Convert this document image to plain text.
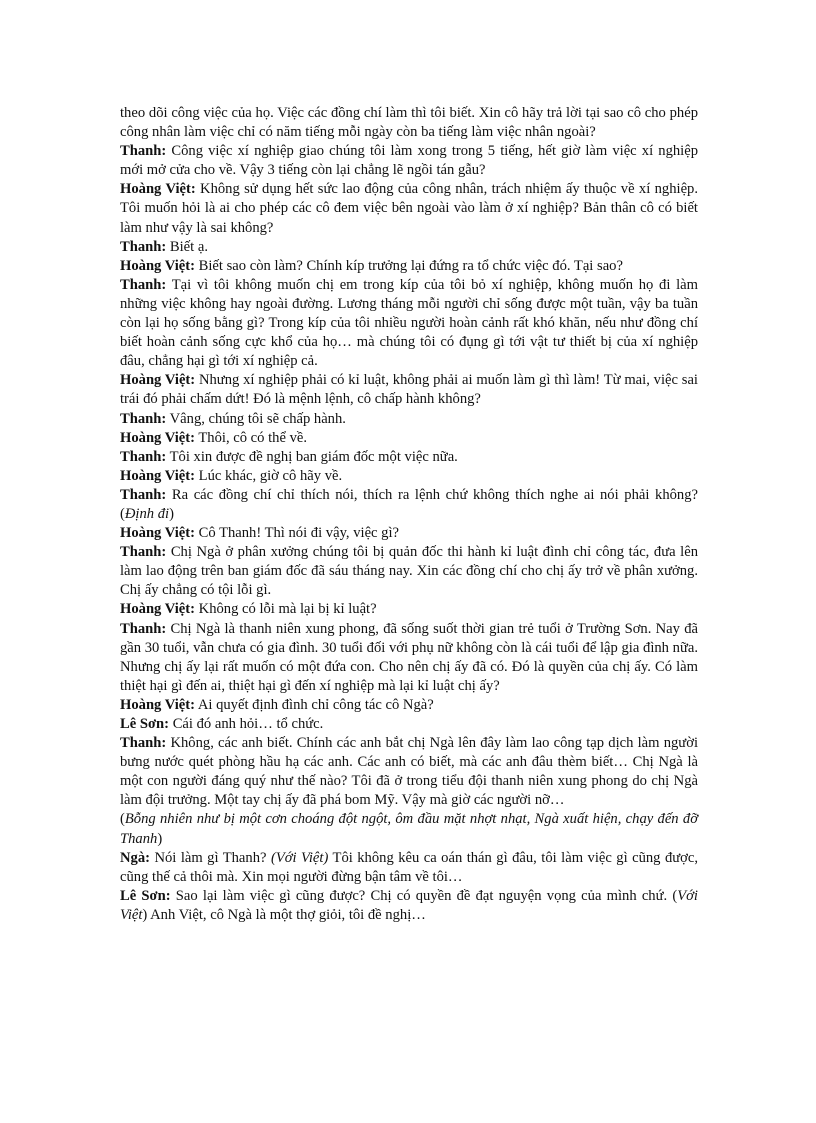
theo dõi công việc của họ. Việc các đồng chí làm thì tôi biết. Xin cô hãy trả lời tại sao cô cho phép công nhân làm việc chỉ có năm tiếng mỗi ngày còn ba tiếng làm việc nhân ngoài?

Thanh: Công việc xí nghiệp giao chúng tôi làm xong trong 5 tiếng, hết giờ làm việc xí nghiệp mới mở cửa cho về. Vậy 3 tiếng còn lại chẳng lẽ ngồi tán gẫu?

Hoàng Việt: Không sử dụng hết sức lao động của công nhân, trách nhiệm ấy thuộc về xí nghiệp. Tôi muốn hỏi là ai cho phép các cô đem việc bên ngoài vào làm ở xí nghiệp? Bản thân cô có biết làm như vậy là sai không?

Thanh: Biết ạ.

Hoàng Việt: Biết sao còn làm? Chính kíp trưởng lại đứng ra tổ chức việc đó. Tại sao?

Thanh: Tại vì tôi không muốn chị em trong kíp của tôi bỏ xí nghiệp, không muốn họ đi làm những việc không hay ngoài đường. Lương tháng mỗi người chỉ sống được một tuần, vậy ba tuần còn lại họ sống bằng gì? Trong kíp của tôi nhiều người hoàn cảnh rất khó khăn, nếu như đồng chí biết hoàn cảnh sống cực khổ của họ… mà chúng tôi có đụng gì tới vật tư thiết bị của xí nghiệp đâu, chẳng hại gì tới xí nghiệp cả.

Hoàng Việt: Nhưng xí nghiệp phải có kỉ luật, không phải ai muốn làm gì thì làm! Từ mai, việc sai trái đó phải chấm dứt! Đó là mệnh lệnh, cô chấp hành không?

Thanh: Vâng, chúng tôi sẽ chấp hành.

Hoàng Việt: Thôi, cô có thể về.

Thanh: Tôi xin được đề nghị ban giám đốc một việc nữa.

Hoàng Việt: Lúc khác, giờ cô hãy về.

Thanh: Ra các đồng chí chỉ thích nói, thích ra lệnh chứ không thích nghe ai nói phải không? (Định đi)

Hoàng Việt: Cô Thanh! Thì nói đi vậy, việc gì?

Thanh: Chị Ngà ở phân xưởng chúng tôi bị quản đốc thi hành kỉ luật đình chỉ công tác, đưa lên làm lao động trên ban giám đốc đã sáu tháng nay. Xin các đồng chí cho chị ấy trở về phân xưởng. Chị ấy chẳng có tội lỗi gì.

Hoàng Việt: Không có lỗi mà lại bị kỉ luật?

Thanh: Chị Ngà là thanh niên xung phong, đã sống suốt thời gian trẻ tuổi ở Trường Sơn. Nay đã gần 30 tuổi, vẫn chưa có gia đình. 30 tuổi đối với phụ nữ không còn là cái tuổi để lập gia đình nữa. Nhưng chị ấy lại rất muốn có một đứa con. Cho nên chị ấy đã có. Đó là quyền của chị ấy. Có làm thiệt hại gì đến ai, thiệt hại gì đến xí nghiệp mà lại kỉ luật chị ấy?

Hoàng Việt: Ai quyết định đình chỉ công tác cô Ngà?

Lê Sơn: Cái đó anh hỏi… tổ chức.

Thanh: Không, các anh biết. Chính các anh bắt chị Ngà lên đây làm lao công tạp dịch làm người bưng nước quét phòng hầu hạ các anh. Các anh có biết, mà các anh đâu thèm biết… Chị Ngà là một con người đáng quý như thế nào? Tôi đã ở trong tiểu đội thanh niên xung phong do chị Ngà làm đội trưởng. Một tay chị ấy đã phá bom Mỹ. Vậy mà giờ các người nỡ…

(Bỗng nhiên như bị một cơn choáng đột ngột, ôm đầu mặt nhợt nhạt, Ngà xuất hiện, chạy đến đỡ Thanh)

Ngà: Nói làm gì Thanh? (Với Việt) Tôi không kêu ca oán thán gì đâu, tôi làm việc gì cũng được, cũng thế cả thôi mà. Xin mọi người đừng bận tâm về tôi…

Lê Sơn: Sao lại làm việc gì cũng được? Chị có quyền đề đạt nguyện vọng của mình chứ. (Với Việt) Anh Việt, cô Ngà là một thợ giỏi, tôi đề nghị…
